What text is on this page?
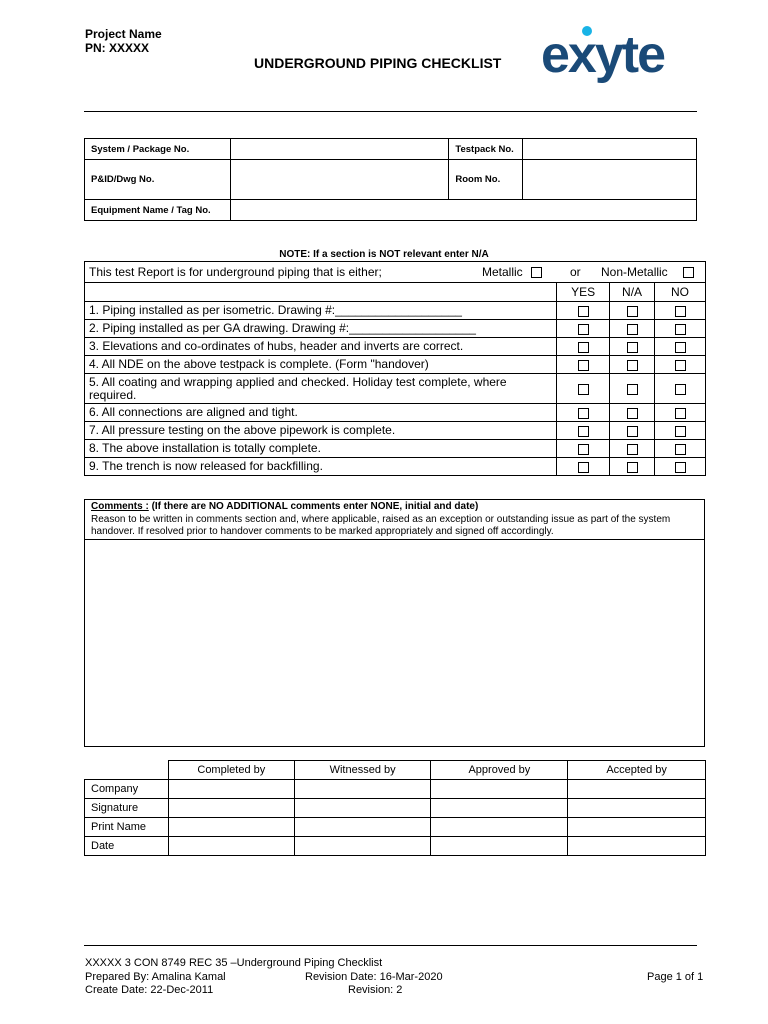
Project Name
PN: XXXXX
UNDERGROUND PIPING CHECKLIST exyte
System / Package No.		Testpack No.	
P&ID/Dwg No.		Room No.	
Equipment Name / Tag No.			
NOTE: If a section is NOT relevant enter N/A
This test Report is for underground piping that is either; Metallic or Non-Metallic			

	YES	N/A	NO
1. Piping installed as per isometric. Drawing #:___________________			
2. Piping installed as per GA drawing. Drawing #:___________________			
3. Elevations and co-ordinates of hubs, header and inverts are correct.			
4. All NDE on the above testpack is complete. (Form "handover)			
5. All coating and wrapping applied and checked. Holiday test complete, where required.			
6. All connections are aligned and tight.			
7. All pressure testing on the above pipework is complete.			
8. The above installation is totally complete.			
9. The trench is now released for backfilling.			
Comments : (If there are NO ADDITIONAL comments enter NONE, initial and date)
Reason to be written in comments section and, where applicable, raised as an exception or outstanding issue as part of the system handover. If resolved prior to handover comments to be marked appropriately and signed off accordingly.
	Completed by	Witnessed by	Approved by	Accepted by
Company				
Signature				
Print Name				
Date				
XXXXX 3 CON 8749 REC 35 –Underground Piping Checklist
Prepared By: Amalina Kamal	Revision Date: 16-Mar-2020	Page 1 of 1
Create Date: 22-Dec-2011	Revision: 2
